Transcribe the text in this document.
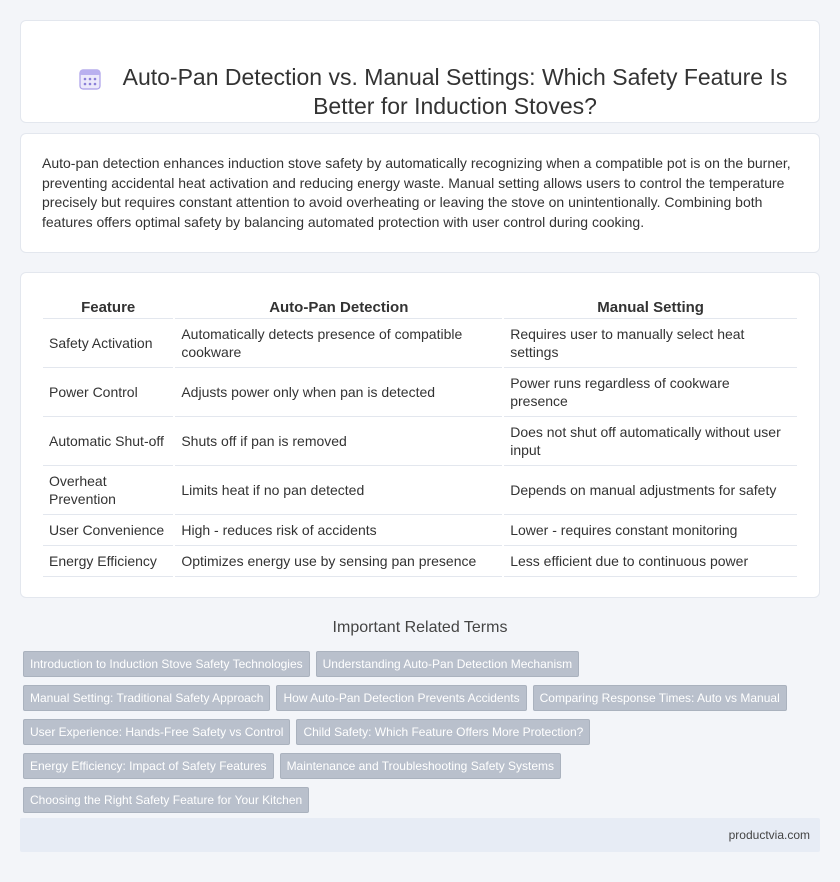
Auto-Pan Detection vs. Manual Settings: Which Safety Feature Is Better for Induction Stoves?

Auto-pan detection enhances induction stove safety by automatically recognizing when a compatible pot is on the burner, preventing accidental heat activation and reducing energy waste. Manual setting allows users to control the temperature precisely but requires constant attention to avoid overheating or leaving the stove on unintentionally. Combining both features offers optimal safety by balancing automated protection with user control during cooking.

Feature	Auto-Pan Detection	Manual Setting
Safety Activation	Automatically detects presence of compatible cookware	Requires user to manually select heat settings
Power Control	Adjusts power only when pan is detected	Power runs regardless of cookware presence
Automatic Shut-off	Shuts off if pan is removed	Does not shut off automatically without user input
Overheat Prevention	Limits heat if no pan detected	Depends on manual adjustments for safety
User Convenience	High - reduces risk of accidents	Lower - requires constant monitoring
Energy Efficiency	Optimizes energy use by sensing pan presence	Less efficient due to continuous power
Important Related Terms
Introduction to Induction Stove Safety Technologies	Understanding Auto-Pan Detection Mechanism
Manual Setting: Traditional Safety Approach	How Auto-Pan Detection Prevents Accidents	Comparing Response Times: Auto vs Manual
User Experience: Hands-Free Safety vs Control	Child Safety: Which Feature Offers More Protection?
Energy Efficiency: Impact of Safety Features	Maintenance and Troubleshooting Safety Systems
Choosing the Right Safety Feature for Your Kitchen
productvia.com
